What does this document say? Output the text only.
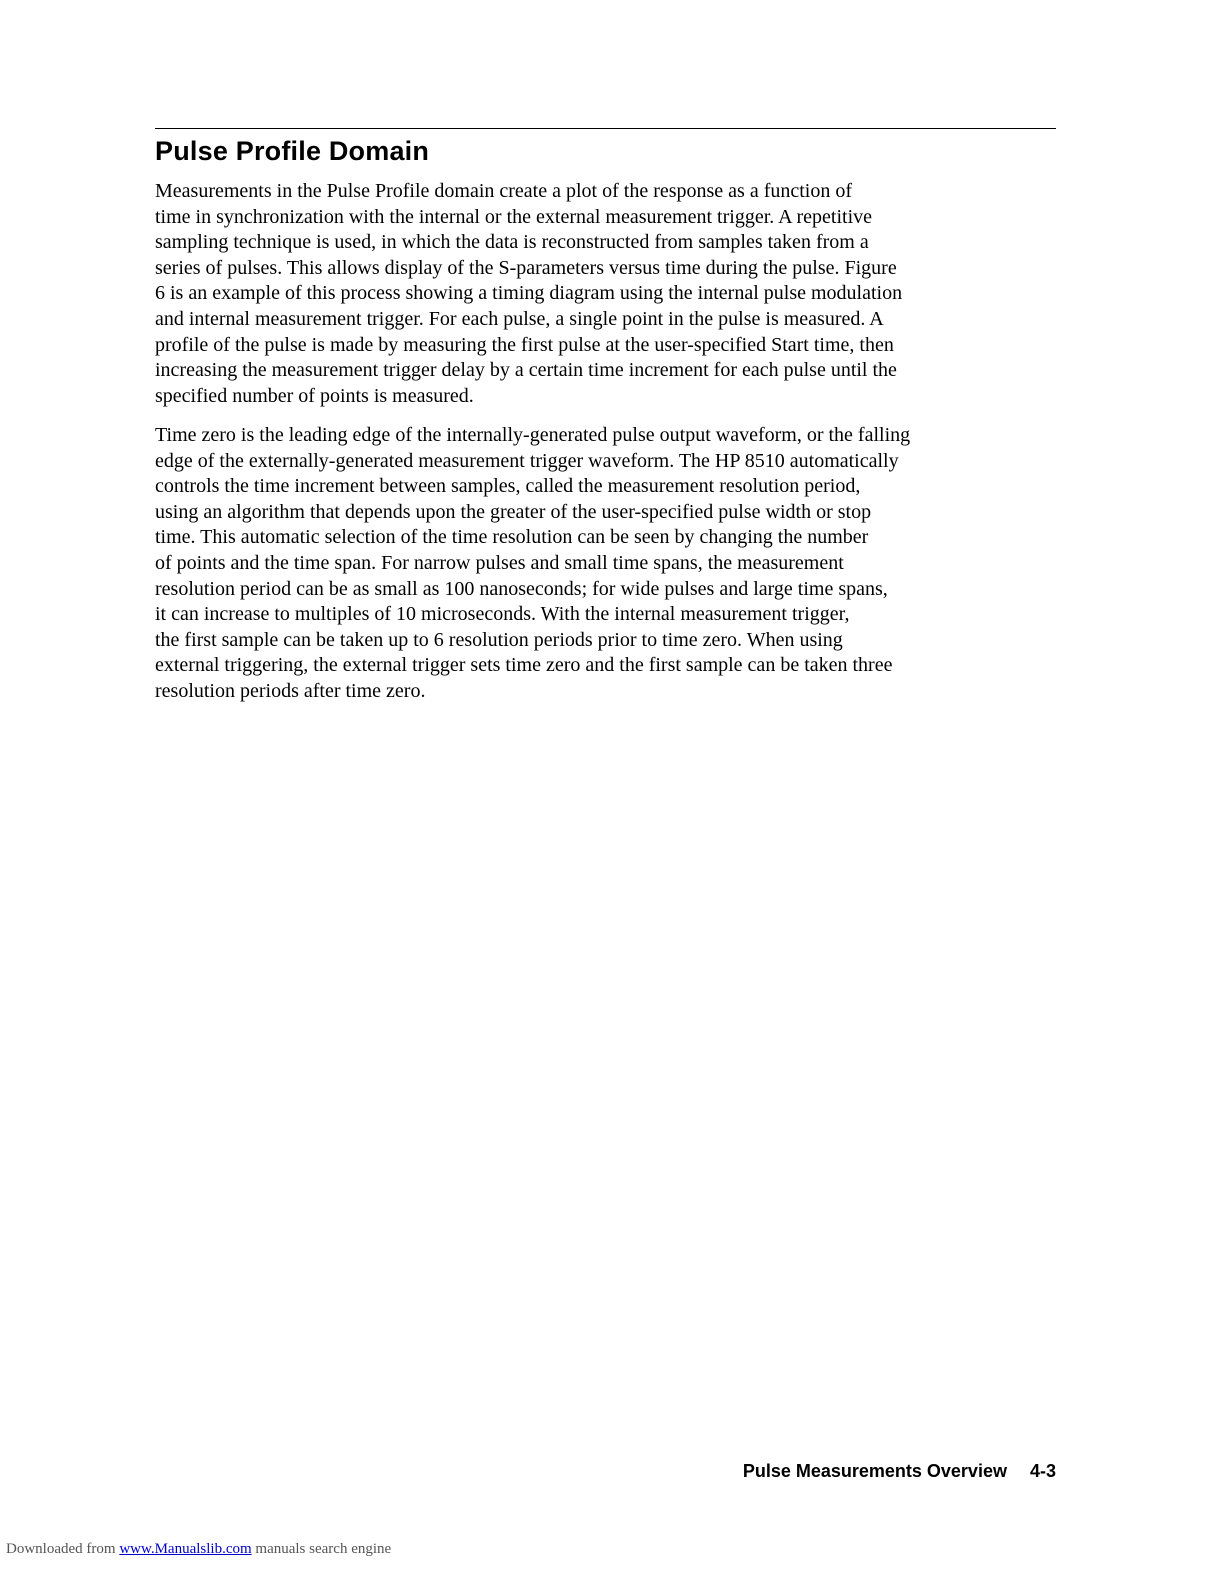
Pulse Profile Domain

Measurements in the Pulse Profile domain create a plot of the response as a function of
time in synchronization with the internal or the external measurement trigger. A repetitive
sampling technique is used, in which the data is reconstructed from samples taken from a
series of pulses. This allows display of the S-parameters versus time during the pulse. Figure
6 is an example of this process showing a timing diagram using the internal pulse modulation
and internal measurement trigger. For each pulse, a single point in the pulse is measured. A
profile of the pulse is made by measuring the first pulse at the user-specified Start time, then
increasing the measurement trigger delay by a certain time increment for each pulse until the
specified number of points is measured.

Time zero is the leading edge of the internally-generated pulse output waveform, or the falling
edge of the externally-generated measurement trigger waveform. The HP 8510 automatically
controls the time increment between samples, called the measurement resolution period,
using an algorithm that depends upon the greater of the user-specified pulse width or stop
time. This automatic selection of the time resolution can be seen by changing the number
of points and the time span. For narrow pulses and small time spans, the measurement
resolution period can be as small as 100 nanoseconds; for wide pulses and large time spans,
it can increase to multiples of 10 microseconds. With the internal measurement trigger,
the first sample can be taken up to 6 resolution periods prior to time zero. When using
external triggering, the external trigger sets time zero and the first sample can be taken three
resolution periods after time zero.

Pulse Measurements Overview 4-3
Downloaded from www.Manualslib.com manuals search engine
